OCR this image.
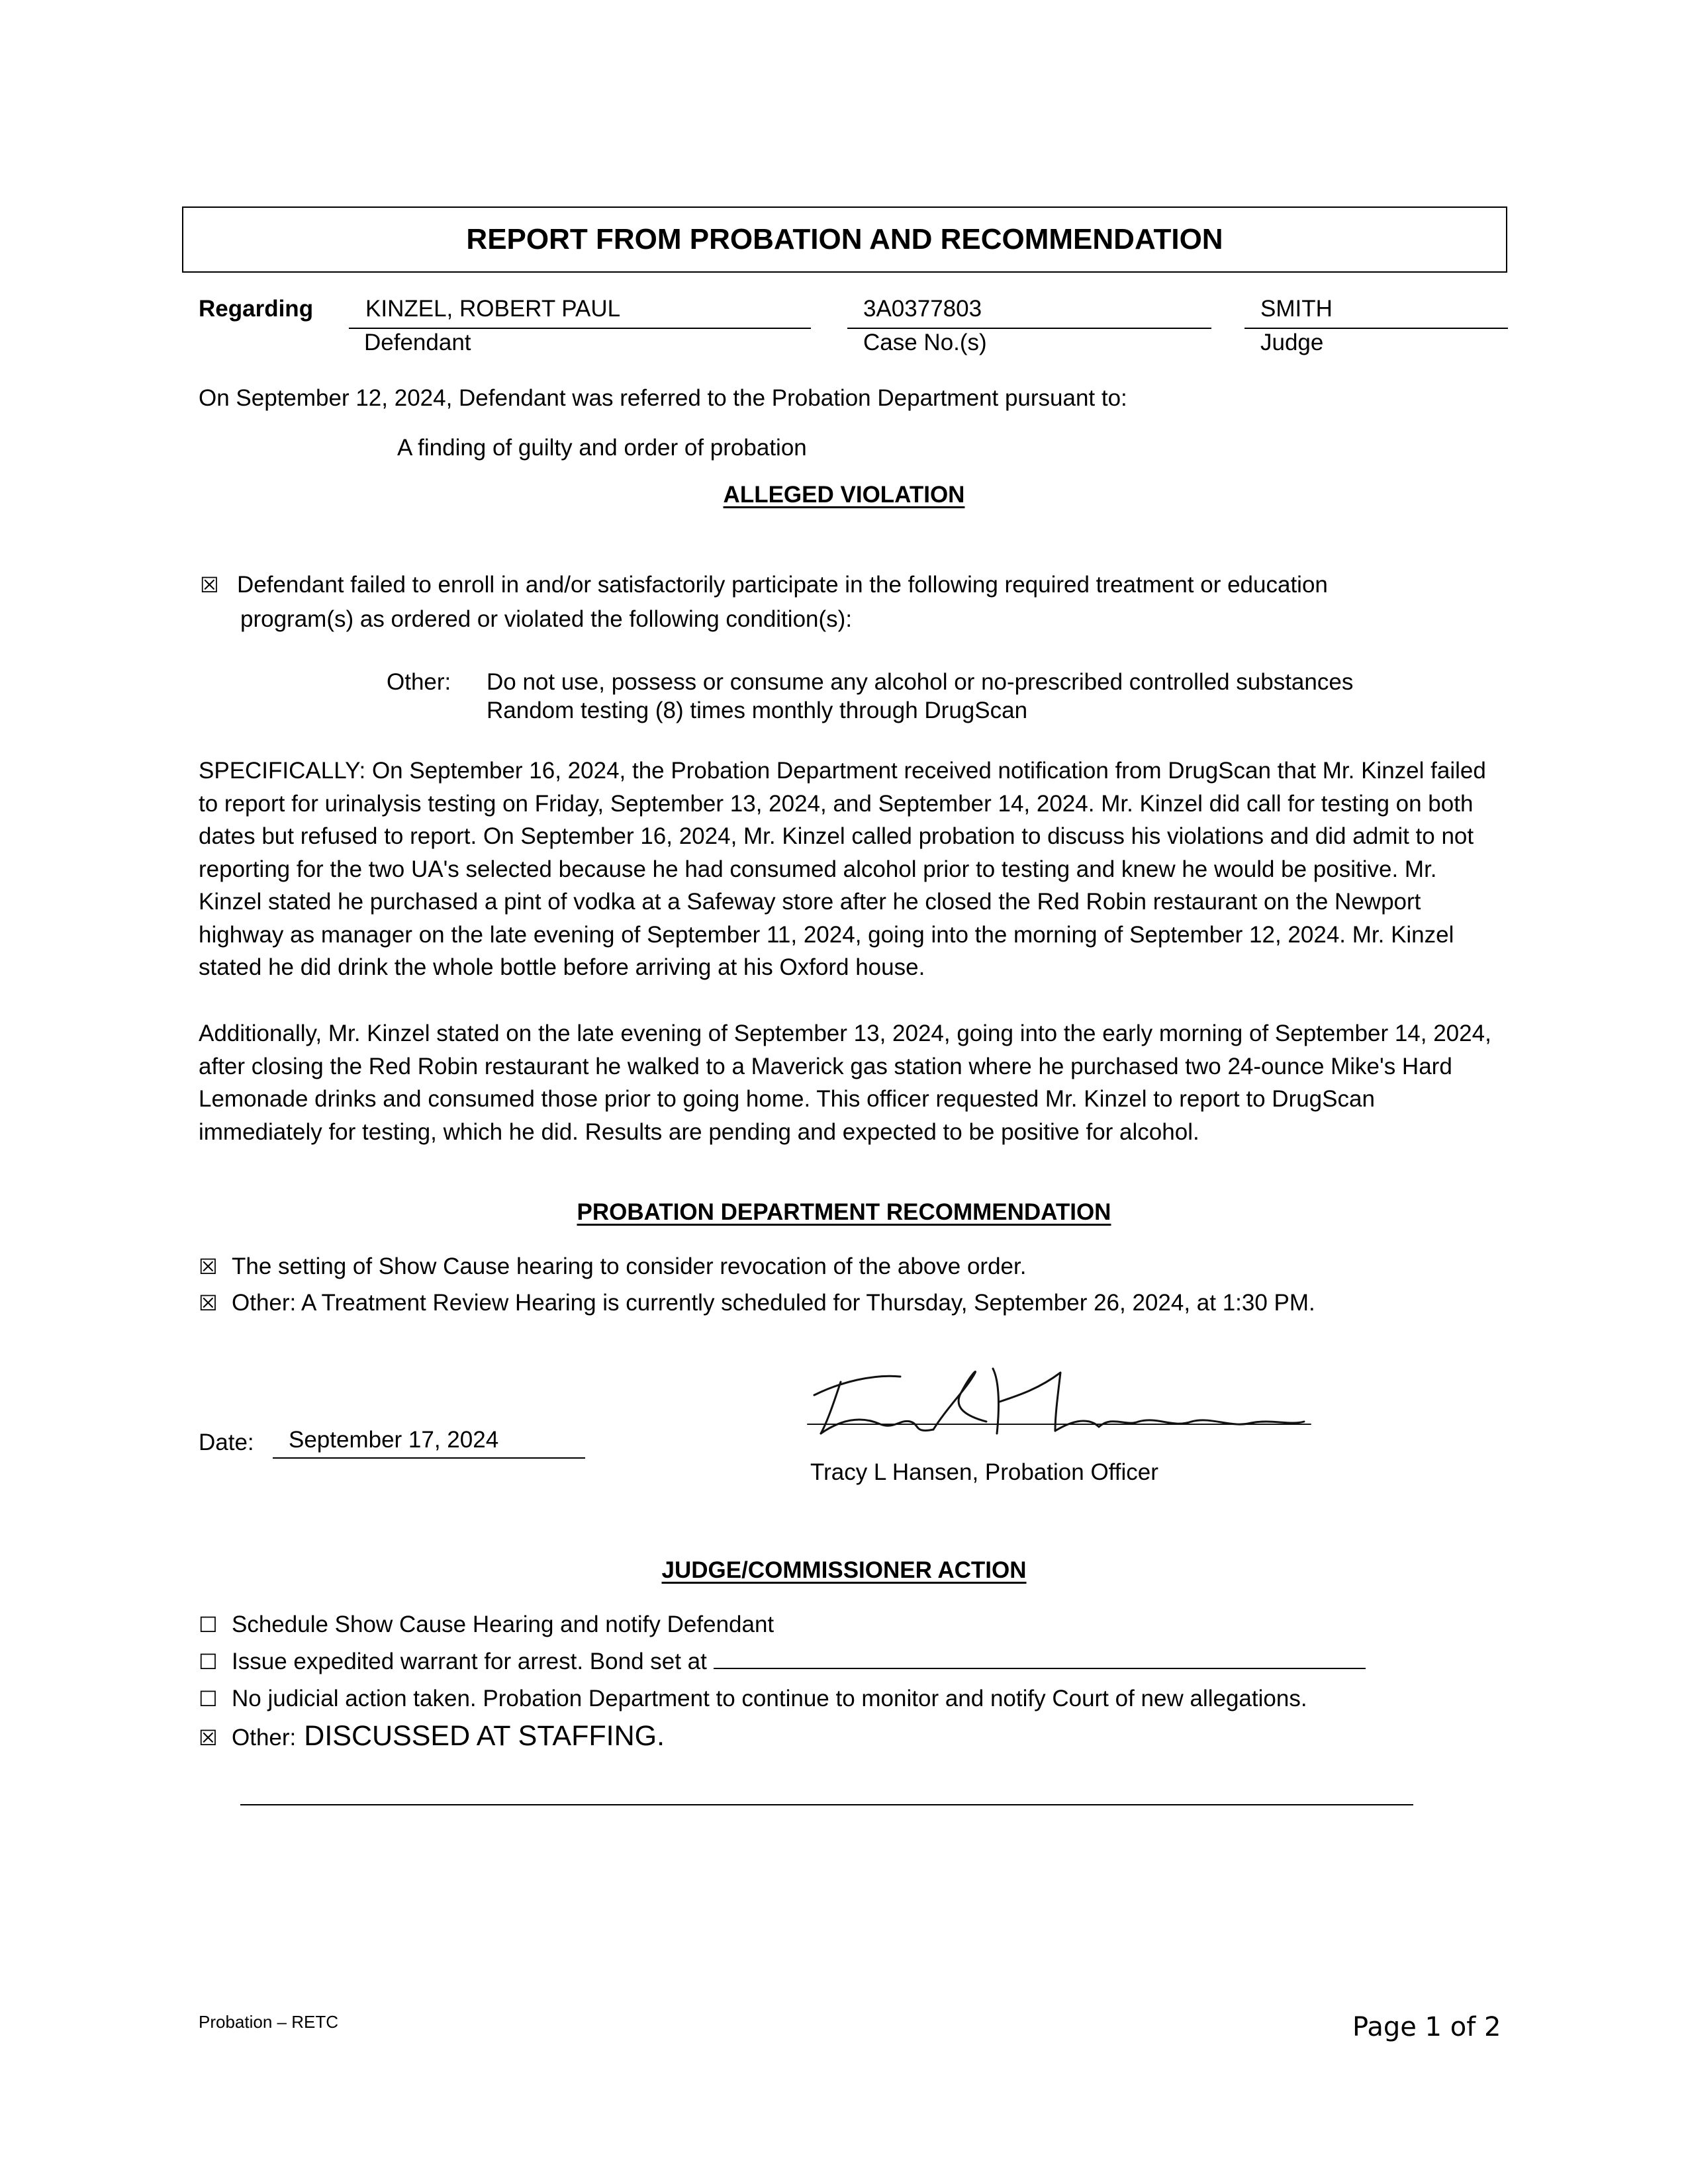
REPORT FROM PROBATION AND RECOMMENDATION
Regarding	KINZEL, ROBERT PAUL
Defendant
3A0377803
Case No.(s)
SMITH
Judge
On September 12, 2024, Defendant was referred to the Probation Department pursuant to:
A finding of guilty and order of probation
ALLEGED VIOLATION
☒ Defendant failed to enroll in and/or satisfactorily participate in the following required treatment or education
program(s) as ordered or violated the following condition(s):
Other: Do not use, possess or consume any alcohol or no-prescribed controlled substances
Random testing (8) times monthly through DrugScan
SPECIFICALLY: On September 16, 2024, the Probation Department received notification from DrugScan that Mr. Kinzel failed to report for urinalysis testing on Friday, September 13, 2024, and September 14, 2024. Mr. Kinzel did call for testing on both dates but refused to report. On September 16, 2024, Mr. Kinzel called probation to discuss his violations and did admit to not reporting for the two UA's selected because he had consumed alcohol prior to testing and knew he would be positive. Mr. Kinzel stated he purchased a pint of vodka at a Safeway store after he closed the Red Robin restaurant on the Newport highway as manager on the late evening of September 11, 2024, going into the morning of September 12, 2024. Mr. Kinzel stated he did drink the whole bottle before arriving at his Oxford house.
Additionally, Mr. Kinzel stated on the late evening of September 13, 2024, going into the early morning of September 14, 2024, after closing the Red Robin restaurant he walked to a Maverick gas station where he purchased two 24-ounce Mike's Hard Lemonade drinks and consumed those prior to going home. This officer requested Mr. Kinzel to report to DrugScan immediately for testing, which he did. Results are pending and expected to be positive for alcohol.
PROBATION DEPARTMENT RECOMMENDATION
☒ The setting of Show Cause hearing to consider revocation of the above order.
☒ Other: A Treatment Review Hearing is currently scheduled for Thursday, September 26, 2024, at 1:30 PM.
Date:	September 17, 2024
Tracy L Hansen, Probation Officer
JUDGE/COMMISSIONER ACTION
☐ Schedule Show Cause Hearing and notify Defendant
☐ Issue expedited warrant for arrest. Bond set at
☐ No judicial action taken. Probation Department to continue to monitor and notify Court of new allegations.
☒ Other: DISCUSSED AT STAFFING.
Probation – RETC	Page 1 of 2
